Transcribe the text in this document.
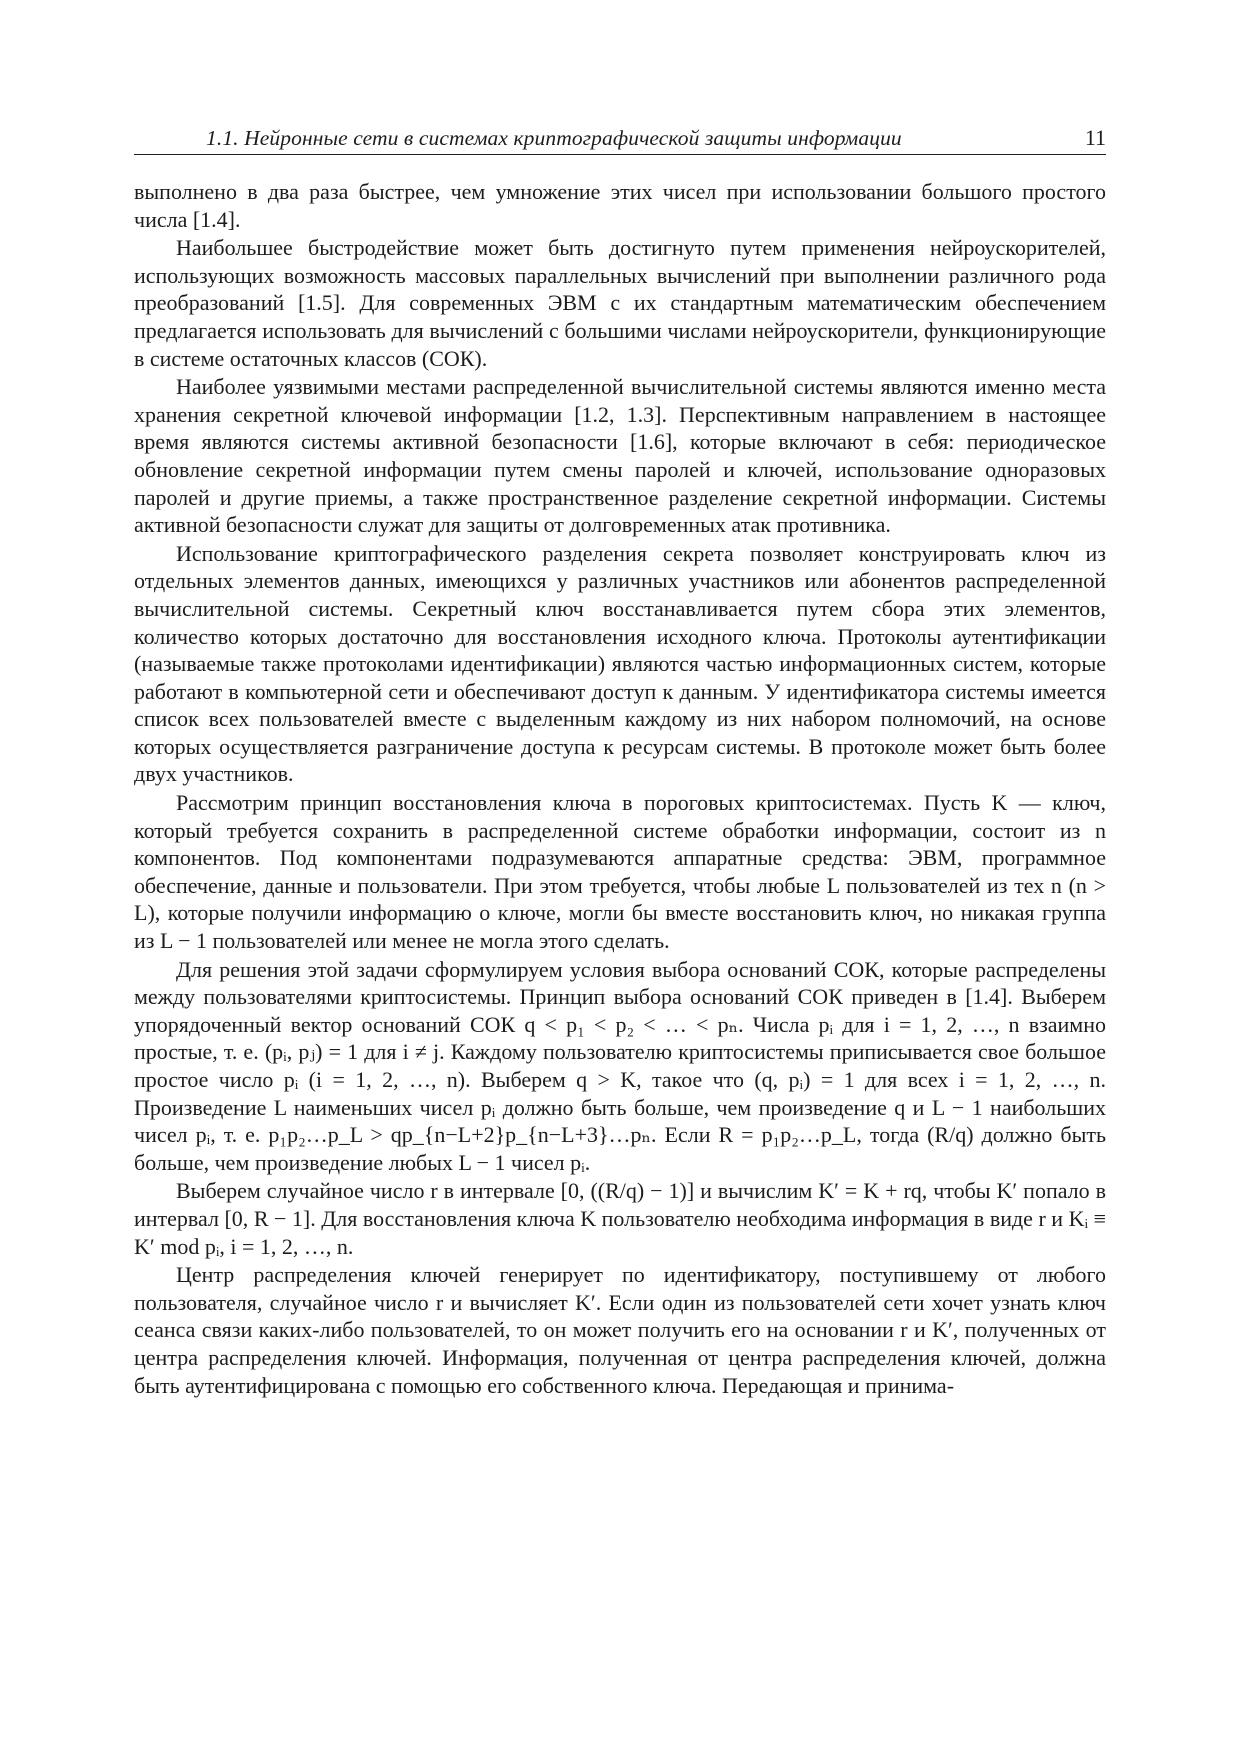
1.1. Нейронные сети в системах криптографической защиты информации	11

выполнено в два раза быстрее, чем умножение этих чисел при использовании большого простого числа [1.4].

Наибольшее быстродействие может быть достигнуто путем применения нейроускорителей, использующих возможность массовых параллельных вычислений при выполнении различного рода преобразований [1.5]. Для современных ЭВМ с их стандартным математическим обеспечением предлагается использовать для вычислений с большими числами нейроускорители, функционирующие в системе остаточных классов (СОК).

Наиболее уязвимыми местами распределенной вычислительной системы являются именно места хранения секретной ключевой информации [1.2, 1.3]. Перспективным направлением в настоящее время являются системы активной безопасности [1.6], которые включают в себя: периодическое обновление секретной информации путем смены паролей и ключей, использование одноразовых паролей и другие приемы, а также пространственное разделение секретной информации. Системы активной безопасности служат для защиты от долговременных атак противника.

Использование криптографического разделения секрета позволяет конструировать ключ из отдельных элементов данных, имеющихся у различных участников или абонентов распределенной вычислительной системы. Секретный ключ восстанавливается путем сбора этих элементов, количество которых достаточно для восстановления исходного ключа. Протоколы аутентификации (называемые также протоколами идентификации) являются частью информационных систем, которые работают в компьютерной сети и обеспечивают доступ к данным. У идентификатора системы имеется список всех пользователей вместе с выделенным каждому из них набором полномочий, на основе которых осуществляется разграничение доступа к ресурсам системы. В протоколе может быть более двух участников.

Рассмотрим принцип восстановления ключа в пороговых криптосистемах. Пусть K — ключ, который требуется сохранить в распределенной системе обработки информации, состоит из n компонентов. Под компонентами подразумеваются аппаратные средства: ЭВМ, программное обеспечение, данные и пользователи. При этом требуется, чтобы любые L пользователей из тех n (n > L), которые получили информацию о ключе, могли бы вместе восстановить ключ, но никакая группа из L − 1 пользователей или менее не могла этого сделать.

Для решения этой задачи сформулируем условия выбора оснований СОК, которые распределены между пользователями криптосистемы. Принцип выбора оснований СОК приведен в [1.4]. Выберем упорядоченный вектор оснований СОК q < p₁ < p₂ < … < pₙ. Числа pᵢ для i = 1, 2, …, n взаимно простые, т. е. (pᵢ, pⱼ) = 1 для i ≠ j. Каждому пользователю криптосистемы приписывается свое большое простое число pᵢ (i = 1, 2, …, n). Выберем q > K, такое что (q, pᵢ) = 1 для всех i = 1, 2, …, n. Произведение L наименьших чисел pᵢ должно быть больше, чем произведение q и L − 1 наибольших чисел pᵢ, т. е. p₁p₂…p_L > qp_{n−L+2}p_{n−L+3}…pₙ. Если R = p₁p₂…p_L, тогда (R/q) должно быть больше, чем произведение любых L − 1 чисел pᵢ.

Выберем случайное число r в интервале [0, ((R/q) − 1)] и вычислим K′ = K + rq, чтобы K′ попало в интервал [0, R − 1]. Для восстановления ключа K пользователю необходима информация в виде r и Kᵢ ≡ K′ mod pᵢ, i = 1, 2, …, n.

Центр распределения ключей генерирует по идентификатору, поступившему от любого пользователя, случайное число r и вычисляет K′. Если один из пользователей сети хочет узнать ключ сеанса связи каких-либо пользователей, то он может получить его на основании r и K′, полученных от центра распределения ключей. Информация, полученная от центра распределения ключей, должна быть аутентифицирована с помощью его собственного ключа. Передающая и принима-
